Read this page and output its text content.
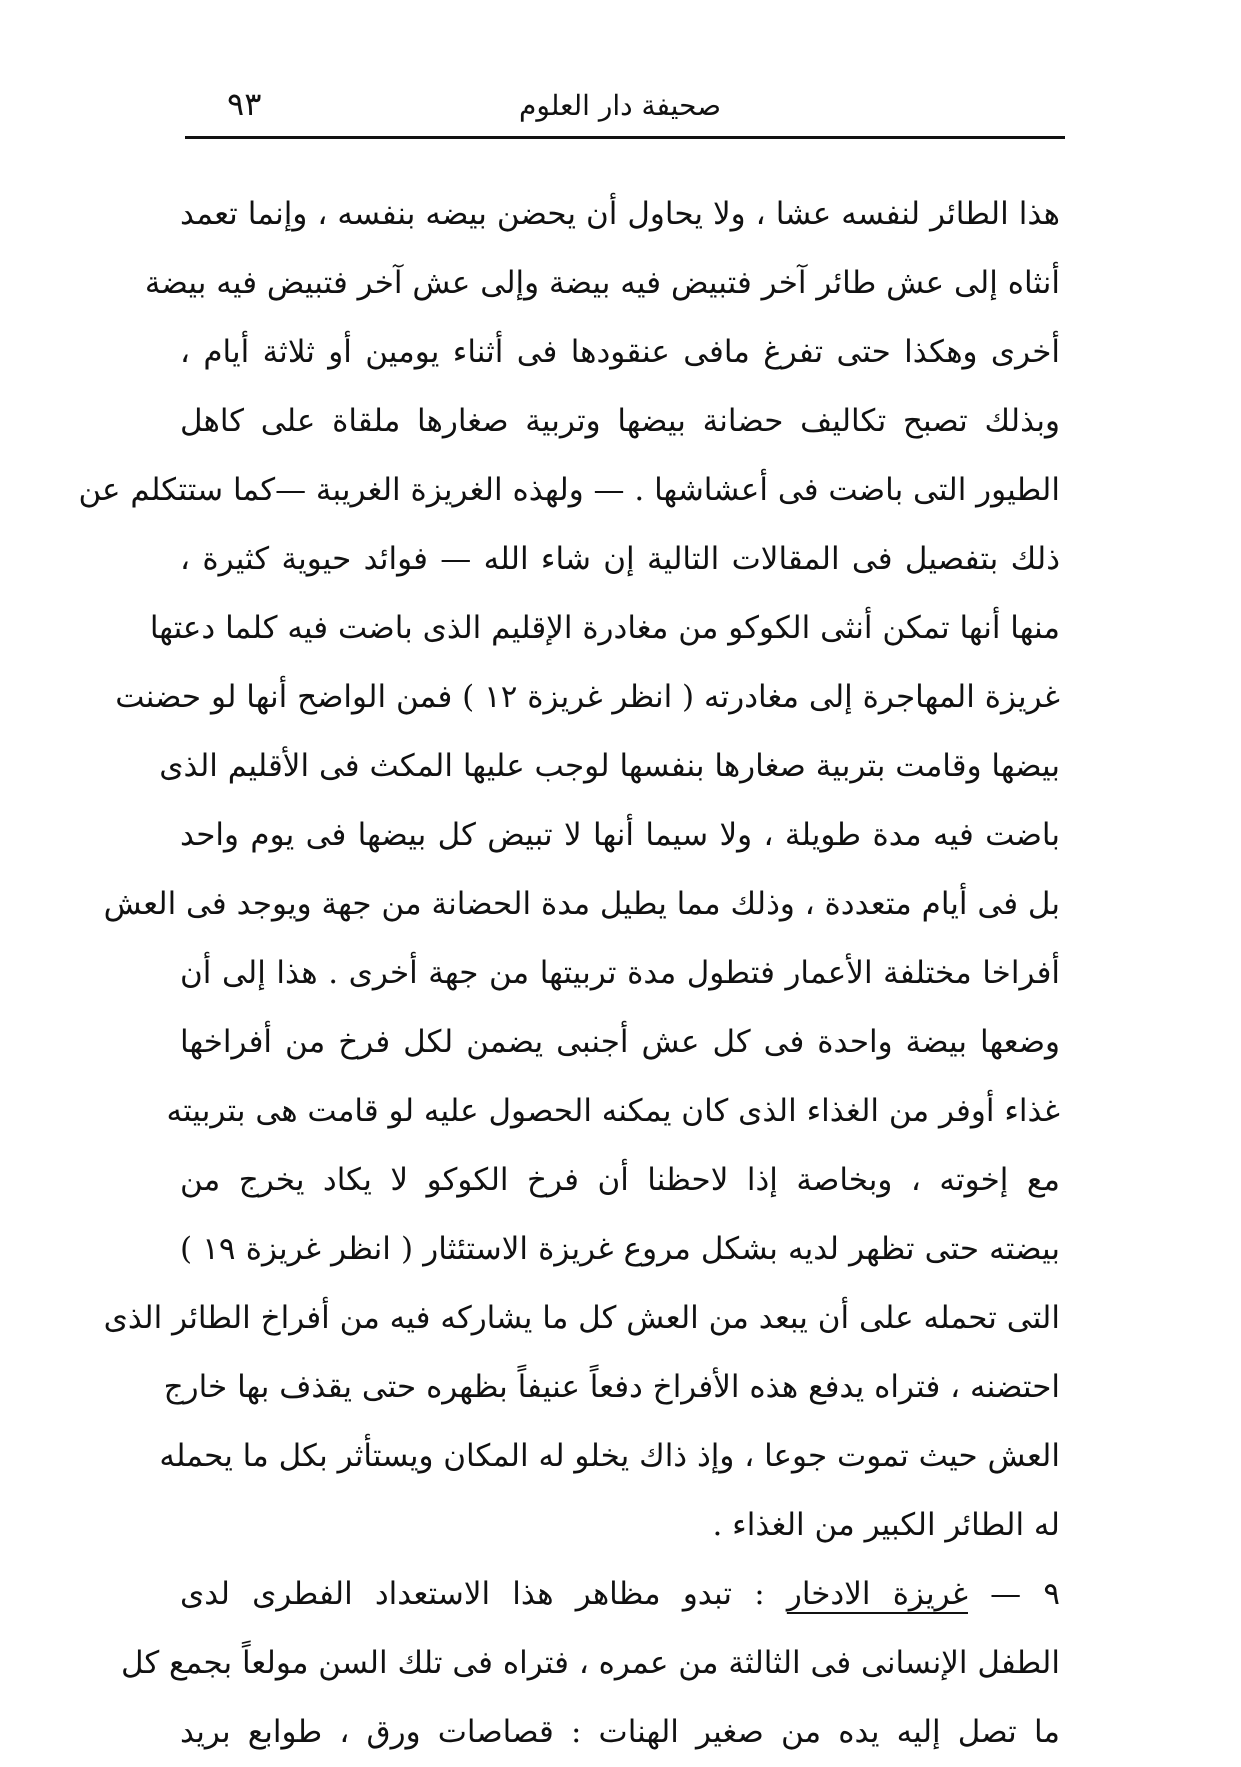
صحيفة دار العلوم
٩٣
هذا الطائر لنفسه عشا ، ولا يحاول أن يحضن بيضه بنفسه ، وإنما تعمد
أنثاه إلى عش طائر آخر فتبيض فيه بيضة وإلى عش آخر فتبيض فيه بيضة
أخرى وهكذا حتى تفرغ مافى عنقودها فى أثناء يومين أو ثلاثة أيام ،
وبذلك تصبح تكاليف حضانة بيضها وتربية صغارها ملقاة على كاهل
الطيور التى باضت فى أعشاشها . — ولهذه الغريزة الغريبة —كما ستتكلم عن
ذلك بتفصيل فى المقالات التالية إن شاء الله — فوائد حيوية كثيرة ،
منها أنها تمكن أنثى الكوكو من مغادرة الإقليم الذى باضت فيه كلما دعتها
غريزة المهاجرة إلى مغادرته ( انظر غريزة ١٢ ) فمن الواضح أنها لو حضنت
بيضها وقامت بتربية صغارها بنفسها لوجب عليها المكث فى الأقليم الذى
باضت فيه مدة طويلة ، ولا سيما أنها لا تبيض كل بيضها فى يوم واحد
بل فى أيام متعددة ، وذلك مما يطيل مدة الحضانة من جهة ويوجد فى العش
أفراخا مختلفة الأعمار فتطول مدة تربيتها من جهة أخرى . هذا إلى أن
وضعها بيضة واحدة فى كل عش أجنبى يضمن لكل فرخ من أفراخها
غذاء أوفر من الغذاء الذى كان يمكنه الحصول عليه لو قامت هى بتربيته
مع إخوته ، وبخاصة إذا لاحظنا أن فرخ الكوكو لا يكاد يخرج من
بيضته حتى تظهر لديه بشكل مروع غريزة الاستئثار ( انظر غريزة ١٩ )
التى تحمله على أن يبعد من العش كل ما يشاركه فيه من أفراخ الطائر الذى
احتضنه ، فتراه يدفع هذه الأفراخ دفعاً عنيفاً بظهره حتى يقذف بها خارج
العش حيث تموت جوعا ، وإذ ذاك يخلو له المكان ويستأثر بكل ما يحمله
له الطائر الكبير من الغذاء .
٩ — غريزة الادخار : تبدو مظاهر هذا الاستعداد الفطرى لدى
الطفل الإنسانى فى الثالثة من عمره ، فتراه فى تلك السن مولعاً بجمع كل
ما تصل إليه يده من صغير الهنات : قصاصات ورق ، طوابع بريد
